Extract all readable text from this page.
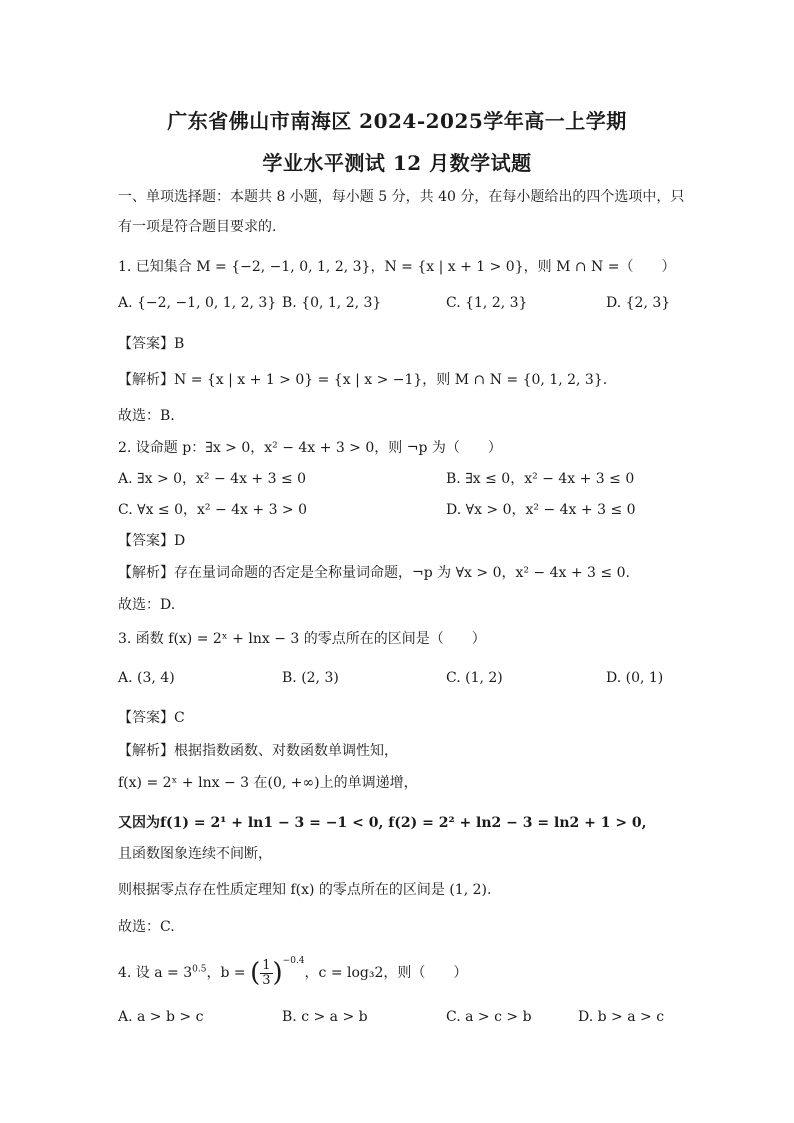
广东省佛山市南海区 2024-2025学年高一上学期
学业水平测试 12 月数学试题
一、单项选择题：本题共 8 小题，每小题 5 分，共 40 分，在每小题给出的四个选项中，只
有一项是符合题目要求的.
1. 已知集合 M = {−2, −1, 0, 1, 2, 3}，N = {x | x + 1 > 0}，则 M ∩ N =（　　）
A. {−2, −1, 0, 1, 2, 3} B. {0, 1, 2, 3}	C. {1, 2, 3}	D. {2, 3}
【答案】B
【解析】N = {x | x + 1 > 0} = {x | x > −1}，则 M ∩ N = {0, 1, 2, 3}.
故选：B.
2. 设命题 p：∃x > 0，x² − 4x + 3 > 0，则 ¬p 为（　　）
A. ∃x > 0，x² − 4x + 3 ≤ 0	B. ∃x ≤ 0，x² − 4x + 3 ≤ 0
C. ∀x ≤ 0，x² − 4x + 3 > 0	D. ∀x > 0，x² − 4x + 3 ≤ 0
【答案】D
【解析】存在量词命题的否定是全称量词命题，¬p 为 ∀x > 0，x² − 4x + 3 ≤ 0.
故选：D.
3. 函数 f(x) = 2ˣ + lnx − 3 的零点所在的区间是（　　）
A. (3, 4)	B. (2, 3)	C. (1, 2)	D. (0, 1)
【答案】C
【解析】根据指数函数、对数函数单调性知，
f(x) = 2ˣ + lnx − 3 在(0, +∞)上的单调递增，
又因为f(1) = 2¹ + ln1 − 3 = −1 < 0, f(2) = 2² + ln2 − 3 = ln2 + 1 > 0,
且函数图象连续不间断，
则根据零点存在性质定理知 f(x) 的零点所在的区间是 (1, 2).
故选：C.
4. 设 $a = 3^{0.5}$，b = ( $\frac{1}{3} )^{-0.4}$，c = log₃2，则（　　）
A. a > b > c	B. c > a > b	C. a > c > b	D. b > a > c
